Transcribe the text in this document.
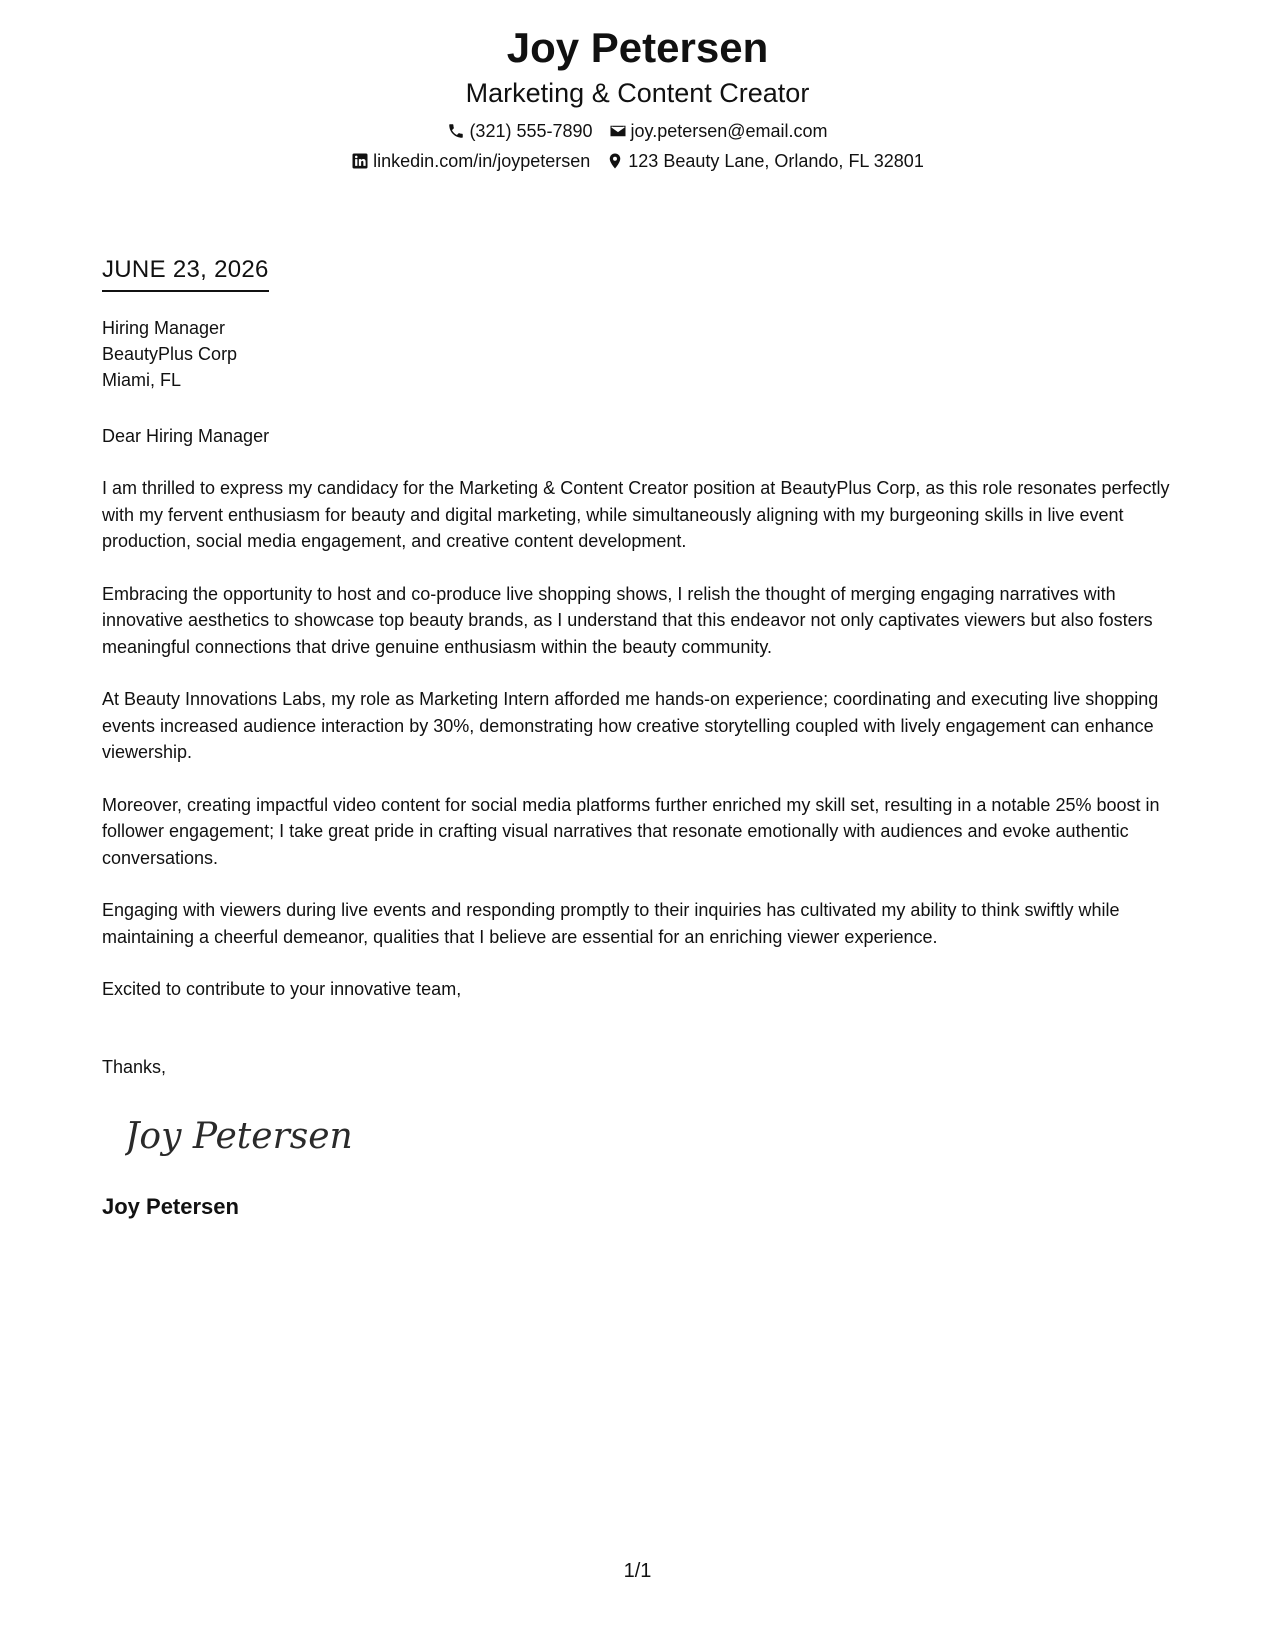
Joy Petersen
Marketing & Content Creator
(321) 555-7890 joy.petersen@email.com
linkedin.com/in/joypetersen 123 Beauty Lane, Orlando, FL 32801
JUNE 23, 2026
Hiring Manager
BeautyPlus Corp
Miami, FL
Dear Hiring Manager

I am thrilled to express my candidacy for the Marketing & Content Creator position at BeautyPlus Corp, as this role resonates perfectly with my fervent enthusiasm for beauty and digital marketing, while simultaneously aligning with my burgeoning skills in live event production, social media engagement, and creative content development.

Embracing the opportunity to host and co-produce live shopping shows, I relish the thought of merging engaging narratives with innovative aesthetics to showcase top beauty brands, as I understand that this endeavor not only captivates viewers but also fosters meaningful connections that drive genuine enthusiasm within the beauty community.

At Beauty Innovations Labs, my role as Marketing Intern afforded me hands-on experience; coordinating and executing live shopping events increased audience interaction by 30%, demonstrating how creative storytelling coupled with lively engagement can enhance viewership.

Moreover, creating impactful video content for social media platforms further enriched my skill set, resulting in a notable 25% boost in follower engagement; I take great pride in crafting visual narratives that resonate emotionally with audiences and evoke authentic conversations.

Engaging with viewers during live events and responding promptly to their inquiries has cultivated my ability to think swiftly while maintaining a cheerful demeanor, qualities that I believe are essential for an enriching viewer experience.

Excited to contribute to your innovative team,

Thanks,
Joy Petersen
Joy Petersen
1/1
